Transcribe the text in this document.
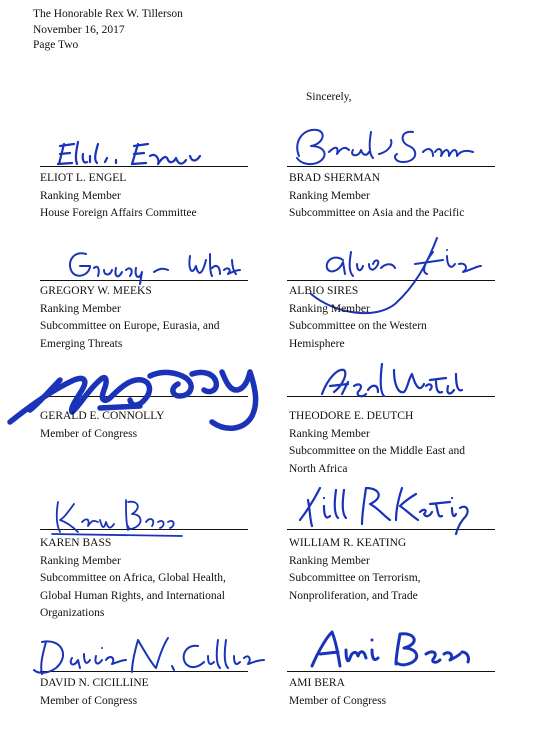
The Honorable Rex W. Tillerson
November 16, 2017
Page Two
Sincerely,
ELIOT L. ENGEL
Ranking Member
House Foreign Affairs Committee
BRAD SHERMAN
Ranking Member
Subcommittee on Asia and the Pacific
GREGORY W. MEEKS
Ranking Member
Subcommittee on Europe, Eurasia, and
Emerging Threats
ALBIO SIRES
Ranking Member
Subcommittee on the Western
Hemisphere
GERALD E. CONNOLLY
Member of Congress
THEODORE E. DEUTCH
Ranking Member
Subcommittee on the Middle East and
North Africa
KAREN BASS
Ranking Member
Subcommittee on Africa, Global Health,
Global Human Rights, and International
Organizations
WILLIAM R. KEATING
Ranking Member
Subcommittee on Terrorism,
Nonproliferation, and Trade
DAVID N. CICILLINE
Member of Congress
AMI BERA
Member of Congress
